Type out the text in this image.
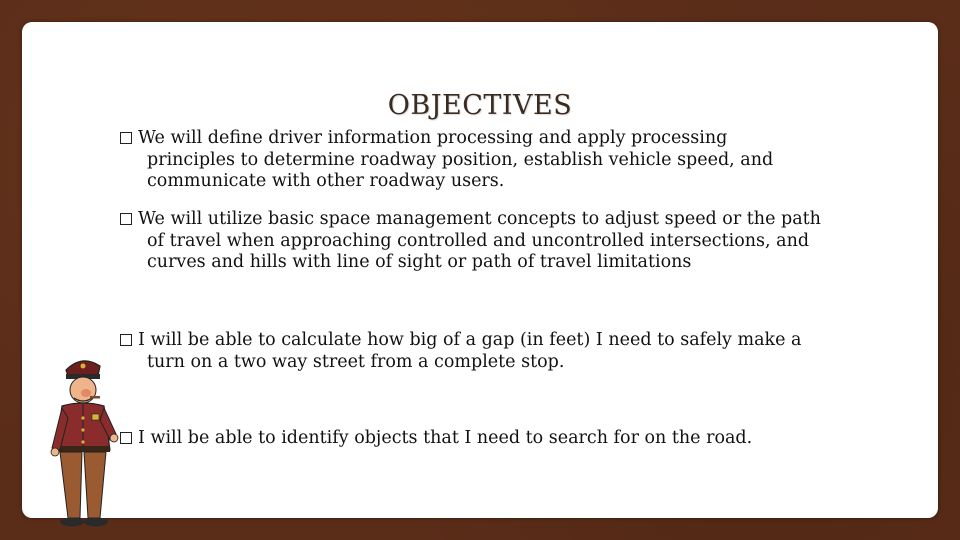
OBJECTIVES
We will define driver information processing and apply processing
principles to determine roadway position, establish vehicle speed, and
communicate with other roadway users.
We will utilize basic space management concepts to adjust speed or the path
of travel when approaching controlled and uncontrolled intersections, and
curves and hills with line of sight or path of travel limitations
I will be able to calculate how big of a gap (in feet) I need to safely make a
turn on a two way street from a complete stop.
I will be able to identify objects that I need to search for on the road.
